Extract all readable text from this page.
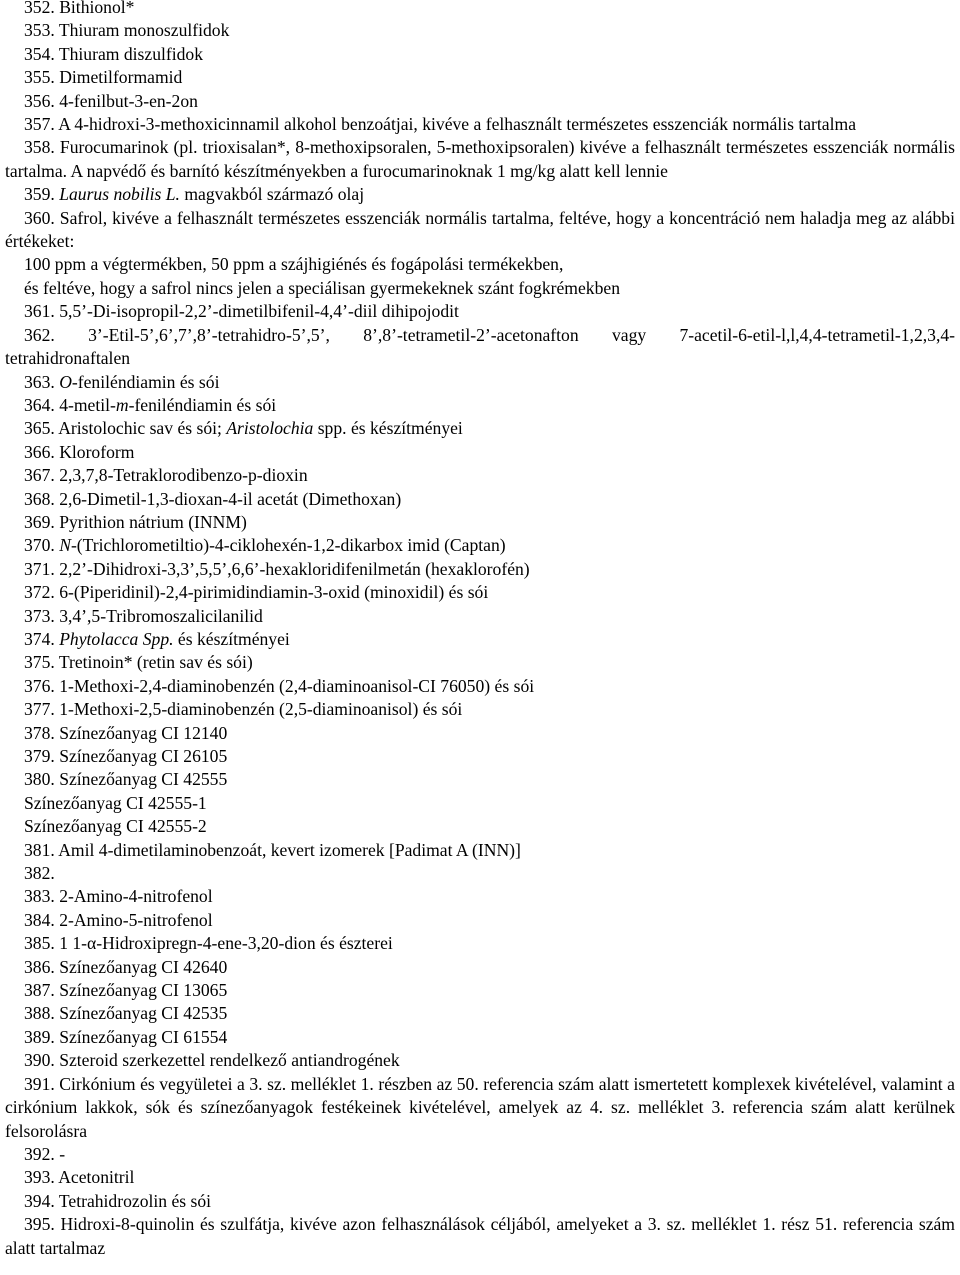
352. Bithionol*

353. Thiuram monoszulfidok

354. Thiuram diszulfidok

355. Dimetilformamid

356. 4-fenilbut-3-en-2on

357. A 4-hidroxi-3-methoxicinnamil alkohol benzoátjai, kivéve a felhasznált természetes esszenciák normális tartalma

358. Furocumarinok (pl. trioxisalan*, 8-methoxipsoralen, 5-methoxipsoralen) kivéve a felhasznált természetes esszenciák normális tartalma. A napvédő és barnító készítményekben a furocumarinoknak 1 mg/kg alatt kell lennie

359. Laurus nobilis L. magvakból származó olaj

360. Safrol, kivéve a felhasznált természetes esszenciák normális tartalma, feltéve, hogy a koncentráció nem haladja meg az alábbi értékeket:

100 ppm a végtermékben, 50 ppm a szájhigiénés és fogápolási termékekben,

és feltéve, hogy a safrol nincs jelen a speciálisan gyermekeknek szánt fogkrémekben

361. 5,5’-Di-isopropil-2,2’-dimetilbifenil-4,4’-diil dihipojodit

362. 3’-Etil-5’,6’,7’,8’-tetrahidro-5’,5’, 8’,8’-tetrametil-2’-acetonafton vagy 7-acetil-6-etil-l,l,4,4-tetrametil-1,2,3,4-tetrahidronaftalen

363. O-feniléndiamin és sói

364. 4-metil-m-feniléndiamin és sói

365. Aristolochic sav és sói; Aristolochia spp. és készítményei

366. Kloroform

367. 2,3,7,8-Tetraklorodibenzo-p-dioxin

368. 2,6-Dimetil-1,3-dioxan-4-il acetát (Dimethoxan)

369. Pyrithion nátrium (INNM)

370. N-(Trichlorometiltio)-4-ciklohexén-1,2-dikarbox imid (Captan)

371. 2,2’-Dihidroxi-3,3’,5,5’,6,6’-hexakloridifenilmetán (hexaklorofén)

372. 6-(Piperidinil)-2,4-pirimidindiamin-3-oxid (minoxidil) és sói

373. 3,4’,5-Tribromoszalicilanilid

374. Phytolacca Spp. és készítményei

375. Tretinoin* (retin sav és sói)

376. 1-Methoxi-2,4-diaminobenzén (2,4-diaminoanisol-CI 76050) és sói

377. 1-Methoxi-2,5-diaminobenzén (2,5-diaminoanisol) és sói

378. Színezőanyag CI 12140

379. Színezőanyag CI 26105

380. Színezőanyag CI 42555

Színezőanyag CI 42555-1

Színezőanyag CI 42555-2

381. Amil 4-dimetilaminobenzoát, kevert izomerek [Padimat A (INN)]

382.

383. 2-Amino-4-nitrofenol

384. 2-Amino-5-nitrofenol

385. 1 1-α-Hidroxipregn-4-ene-3,20-dion és észterei

386. Színezőanyag CI 42640

387. Színezőanyag CI 13065

388. Színezőanyag CI 42535

389. Színezőanyag CI 61554

390. Szteroid szerkezettel rendelkező antiandrogének

391. Cirkónium és vegyületei a 3. sz. melléklet 1. részben az 50. referencia szám alatt ismertetett komplexek kivételével, valamint a cirkónium lakkok, sók és színezőanyagok festékeinek kivételével, amelyek az 4. sz. melléklet 3. referencia szám alatt kerülnek felsorolásra

392. -

393. Acetonitril

394. Tetrahidrozolin és sói

395. Hidroxi-8-quinolin és szulfátja, kivéve azon felhasználások céljából, amelyeket a 3. sz. melléklet 1. rész 51. referencia szám alatt tartalmaz
